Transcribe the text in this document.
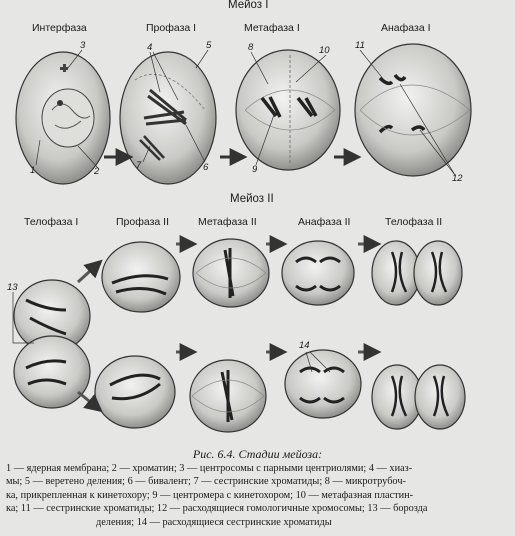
Мейоз I
Мейоз II
Интерфаза	Профаза I	Метафаза I	Анафаза I
Телофаза I	Профаза II	Метафаза II	Анафаза II	Телофаза II
3
1	2
4	5
7	6
8	10
9
11
12
13
14
Рис. 6.4. Стадии мейоза:
1 — ядерная мембрана; 2 — хроматин; 3 — центросомы с парными центриолями; 4 — хиаз-
мы; 5 — веретено деления; 6 — бивалент; 7 — сестринские хроматиды; 8 — микротрубоч-
ка, прикрепленная к кинетохору; 9 — центромера с кинетохором; 10 — метафазная пластин-
ка; 11 — сестринские хроматиды; 12 — расходящиеся гомологичные хромосомы; 13 — борозда
деления; 14 — расходящиеся сестринские хроматиды
